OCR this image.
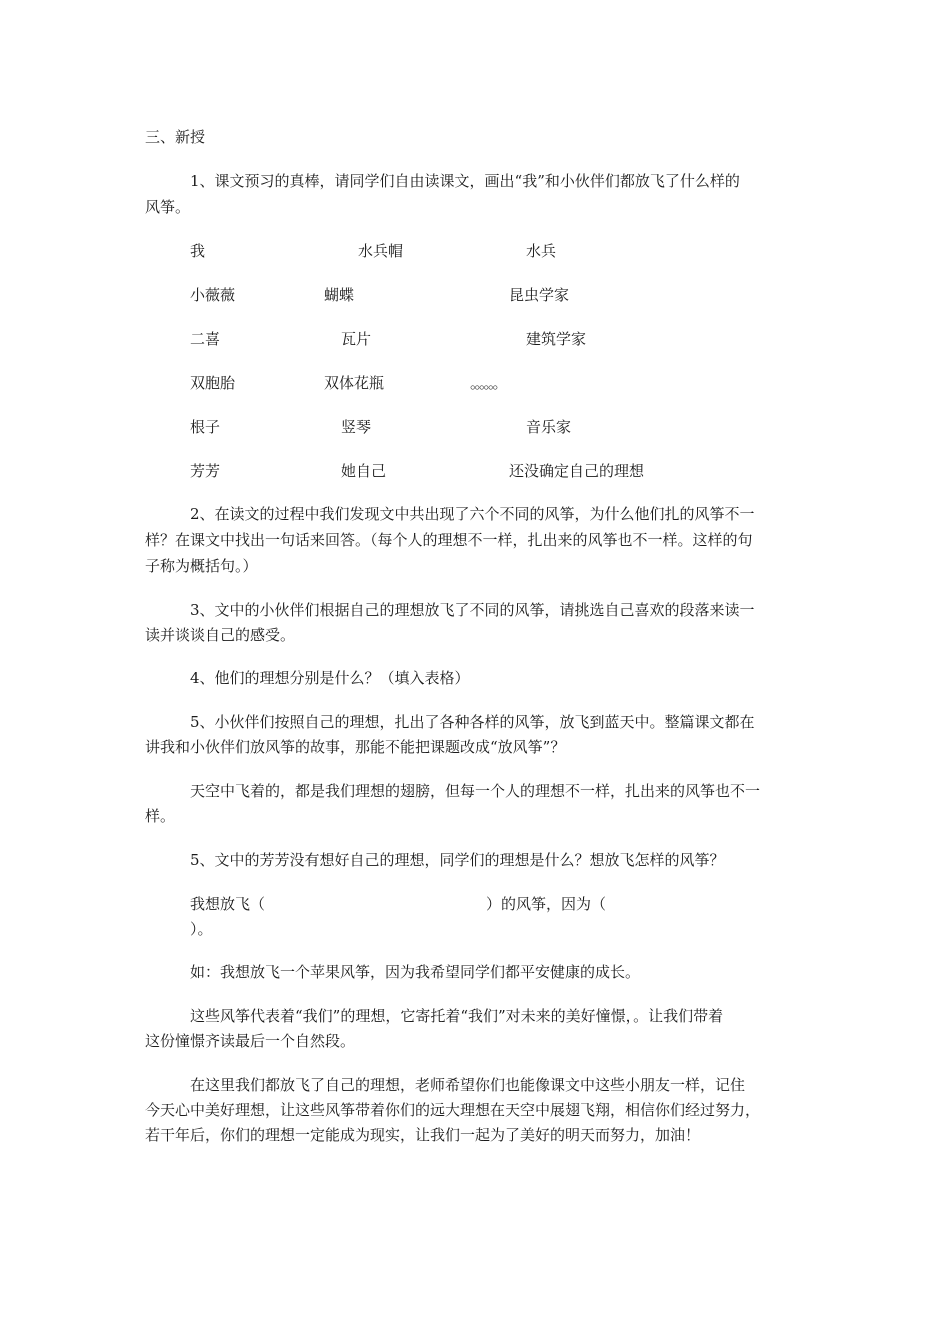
三、新授
1、课文预习的真棒，请同学们自由读课文，画出“我”和小伙伴们都放飞了什么样的
风筝。
我	水兵帽	水兵
小薇薇	蝴蝶	昆虫学家
二喜	瓦片	建筑学家
双胞胎	双体花瓶	。。。。。。
根子	竖琴	音乐家
芳芳	她自己	还没确定自己的理想
2、在读文的过程中我们发现文中共出现了六个不同的风筝，为什么他们扎的风筝不一
样？在课文中找出一句话来回答。（每个人的理想不一样，扎出来的风筝也不一样。这样的句
子称为概括句。）
3、文中的小伙伴们根据自己的理想放飞了不同的风筝，请挑选自己喜欢的段落来读一
读并谈谈自己的感受。
4、他们的理想分别是什么？（填入表格）
5、小伙伴们按照自己的理想，扎出了各种各样的风筝，放飞到蓝天中。整篇课文都在
讲我和小伙伴们放风筝的故事，那能不能把课题改成“放风筝”？
天空中飞着的，都是我们理想的翅膀，但每一个人的理想不一样，扎出来的风筝也不一
样。
5、文中的芳芳没有想好自己的理想，同学们的理想是什么？想放飞怎样的风筝？
我想放飞（	）的风筝，因为（
）。
如：我想放飞一个苹果风筝，因为我希望同学们都平安健康的成长。
这些风筝代表着“我们”的理想，它寄托着“我们”对未来的美好憧憬，。让我们带着
这份憧憬齐读最后一个自然段。
在这里我们都放飞了自己的理想，老师希望你们也能像课文中这些小朋友一样，记住
今天心中美好理想，让这些风筝带着你们的远大理想在天空中展翅飞翔，相信你们经过努力，
若干年后，你们的理想一定能成为现实，让我们一起为了美好的明天而努力，加油！
